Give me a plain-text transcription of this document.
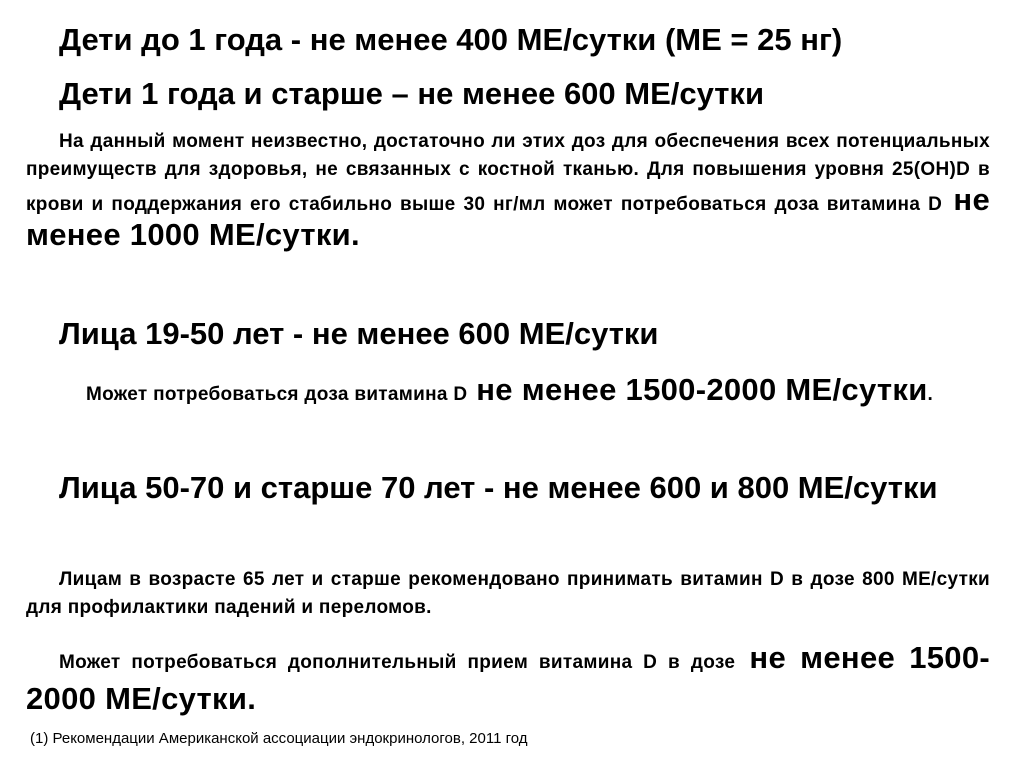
Дети до 1 года - не менее 400 МЕ/сутки (МЕ = 25 нг)

Дети 1 года и старше – не менее 600 МЕ/сутки

На данный момент неизвестно, достаточно ли этих доз для обеспечения всех потенциальных преимуществ для здоровья, не связанных с костной тканью. Для повышения уровня 25(OH)D в крови и поддержания его стабильно выше 30 нг/мл может потребоваться доза витамина D не менее 1000 МЕ/сутки.

Лица 19-50 лет - не менее 600 МЕ/сутки

Может потребоваться доза витамина D не менее 1500-2000 МЕ/сутки.

Лица 50-70 и старше 70 лет - не менее 600 и 800 МЕ/сутки

Лицам в возрасте 65 лет и старше рекомендовано принимать витамин D в дозе 800 МЕ/сутки для профилактики падений и переломов.

Может потребоваться дополнительный прием витамина D в дозе не менее 1500-2000 МЕ/сутки.

(1) Рекомендации Американской ассоциации эндокринологов, 2011 год
